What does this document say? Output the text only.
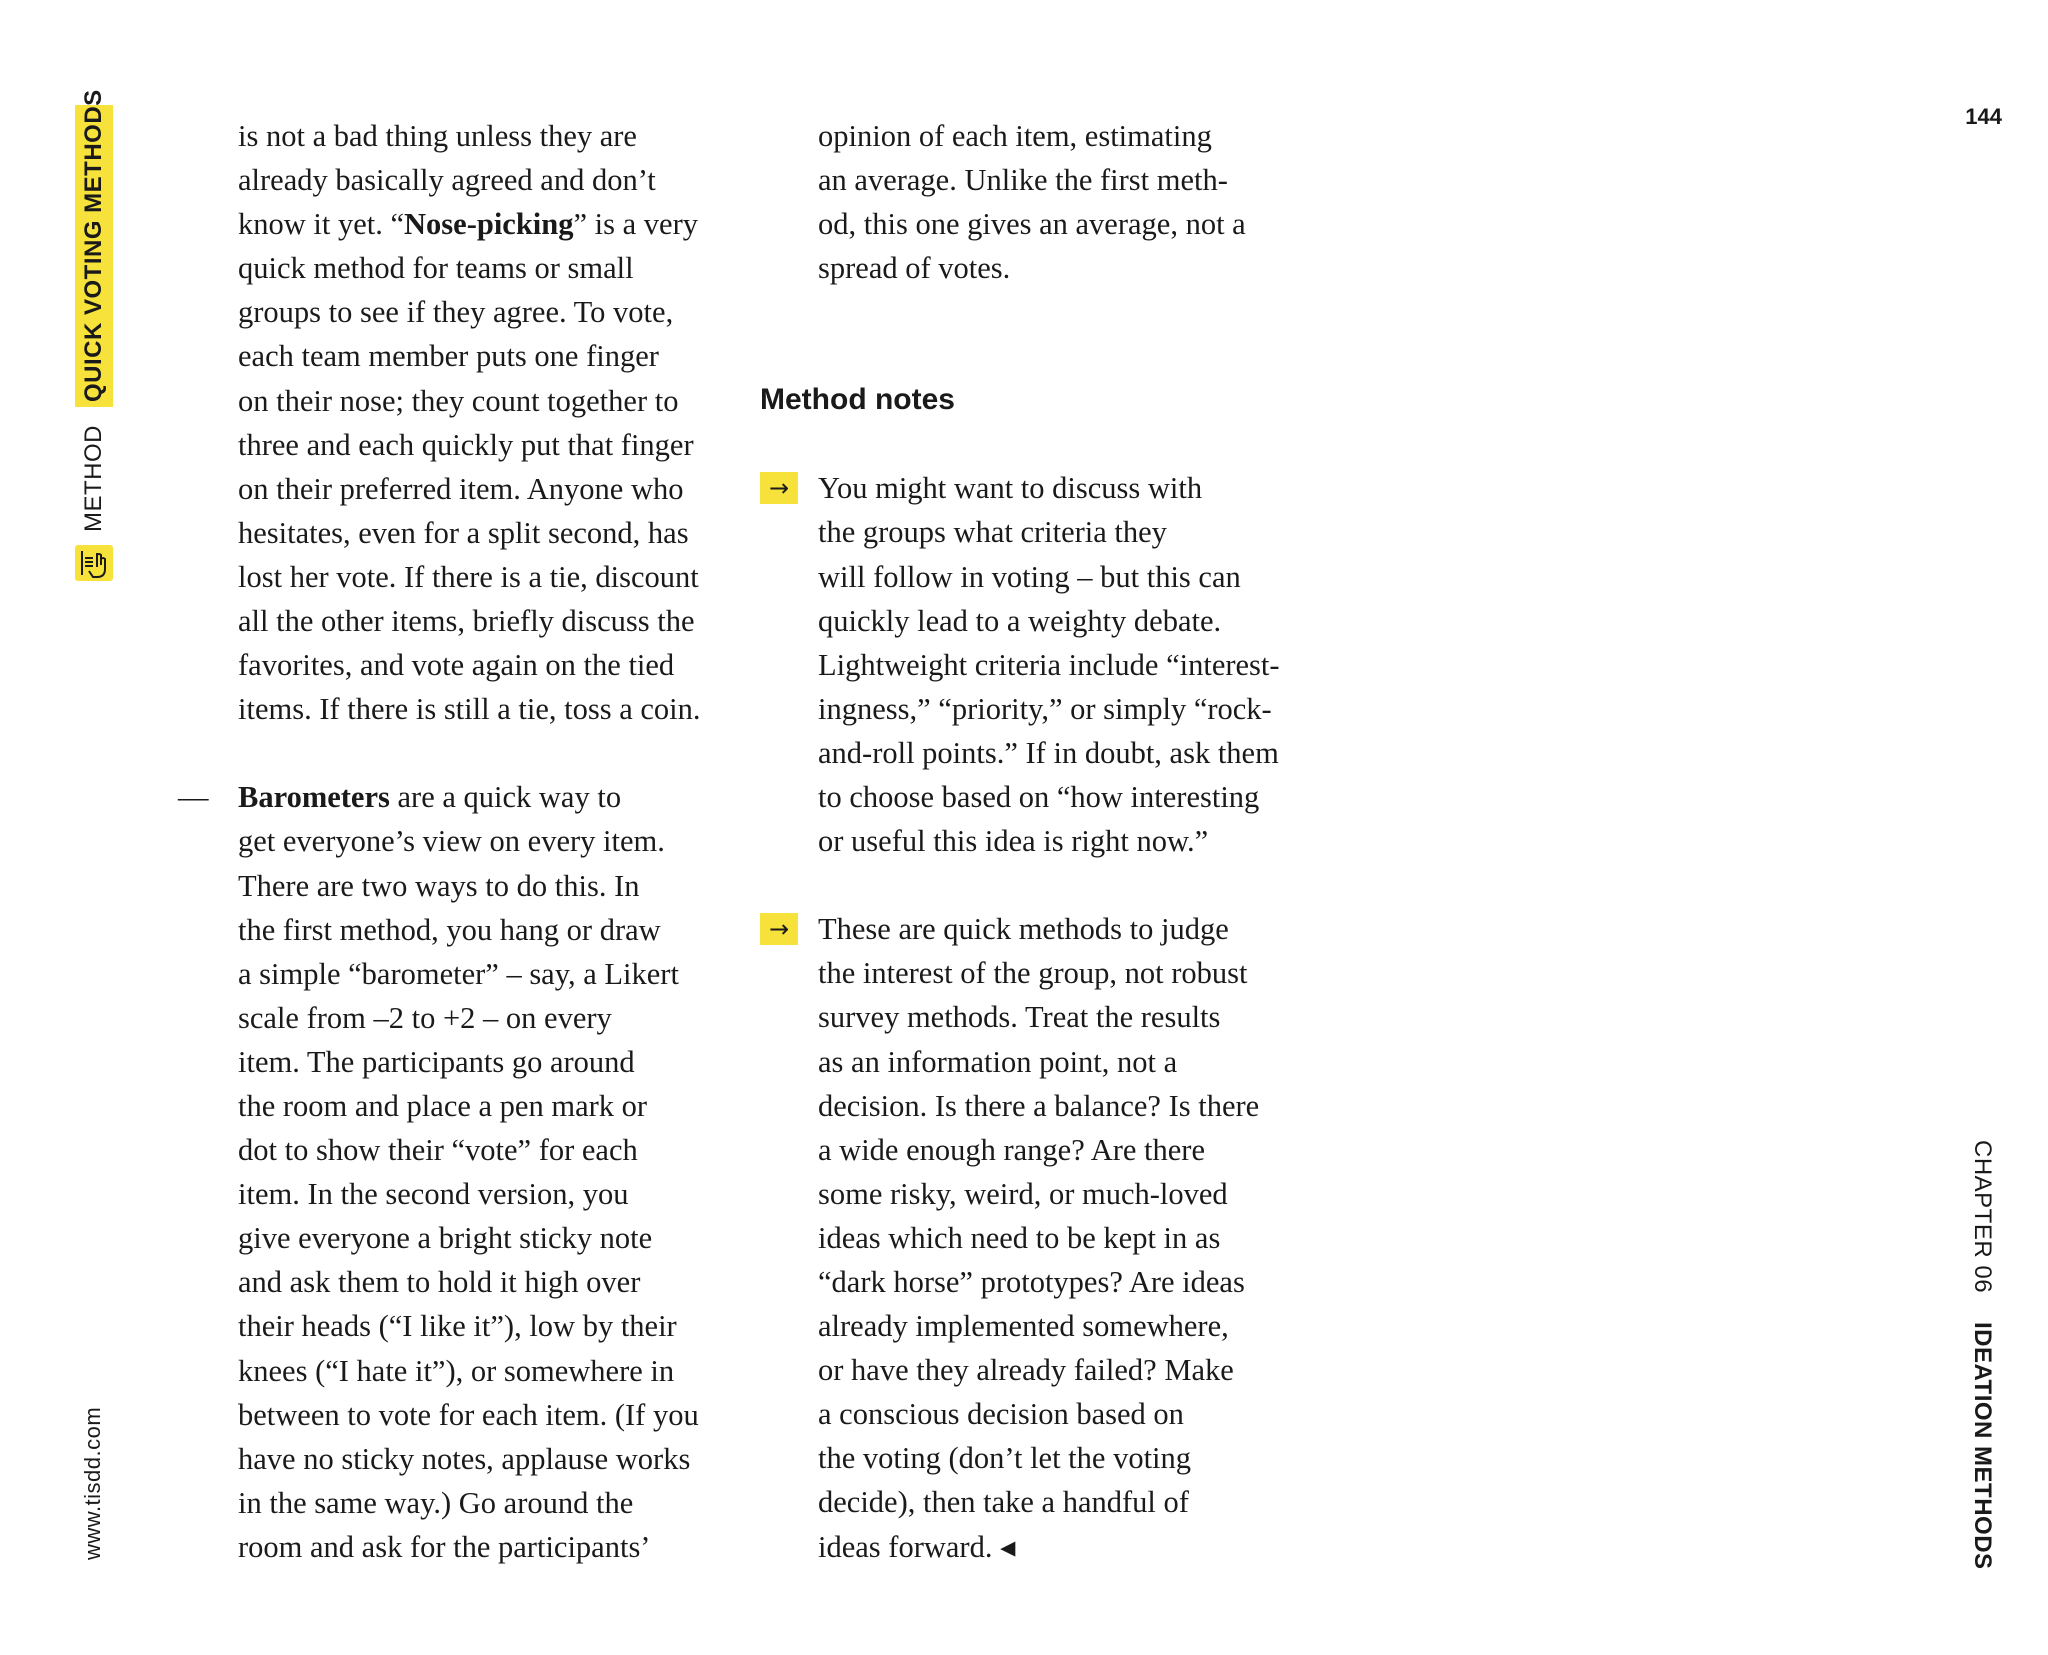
QUICK VOTING METHODS
METHOD
www.tisdd.com
144
CHAPTER 06
IDEATION METHODS
is not a bad thing unless they are
already basically agreed and don’t
know it yet. “Nose-picking” is a very
quick method for teams or small
groups to see if they agree. To vote,
each team member puts one finger
on their nose; they count together to
three and each quickly put that finger
on their preferred item. Anyone who
hesitates, even for a split second, has
lost her vote. If there is a tie, discount
all the other items, briefly discuss the
favorites, and vote again on the tied
items. If there is still a tie, toss a coin.
— Barometers are a quick way to
get everyone’s view on every item.
There are two ways to do this. In
the first method, you hang or draw
a simple “barometer” – say, a Likert
scale from –2 to +2 – on every
item. The participants go around
the room and place a pen mark or
dot to show their “vote” for each
item. In the second version, you
give everyone a bright sticky note
and ask them to hold it high over
their heads (“I like it”), low by their
knees (“I hate it”), or somewhere in
between to vote for each item. (If you
have no sticky notes, applause works
in the same way.) Go around the
room and ask for the participants’
opinion of each item, estimating
an average. Unlike the first meth-
od, this one gives an average, not a
spread of votes.
Method notes
→ You might want to discuss with
the groups what criteria they
will follow in voting – but this can
quickly lead to a weighty debate.
Lightweight criteria include “interest-
ingness,” “priority,” or simply “rock-
and-roll points.” If in doubt, ask them
to choose based on “how interesting
or useful this idea is right now.”
→ These are quick methods to judge
the interest of the group, not robust
survey methods. Treat the results
as an information point, not a
decision. Is there a balance? Is there
a wide enough range? Are there
some risky, weird, or much-loved
ideas which need to be kept in as
“dark horse” prototypes? Are ideas
already implemented somewhere,
or have they already failed? Make
a conscious decision based on
the voting (don’t let the voting
decide), then take a handful of
ideas forward. ◂
